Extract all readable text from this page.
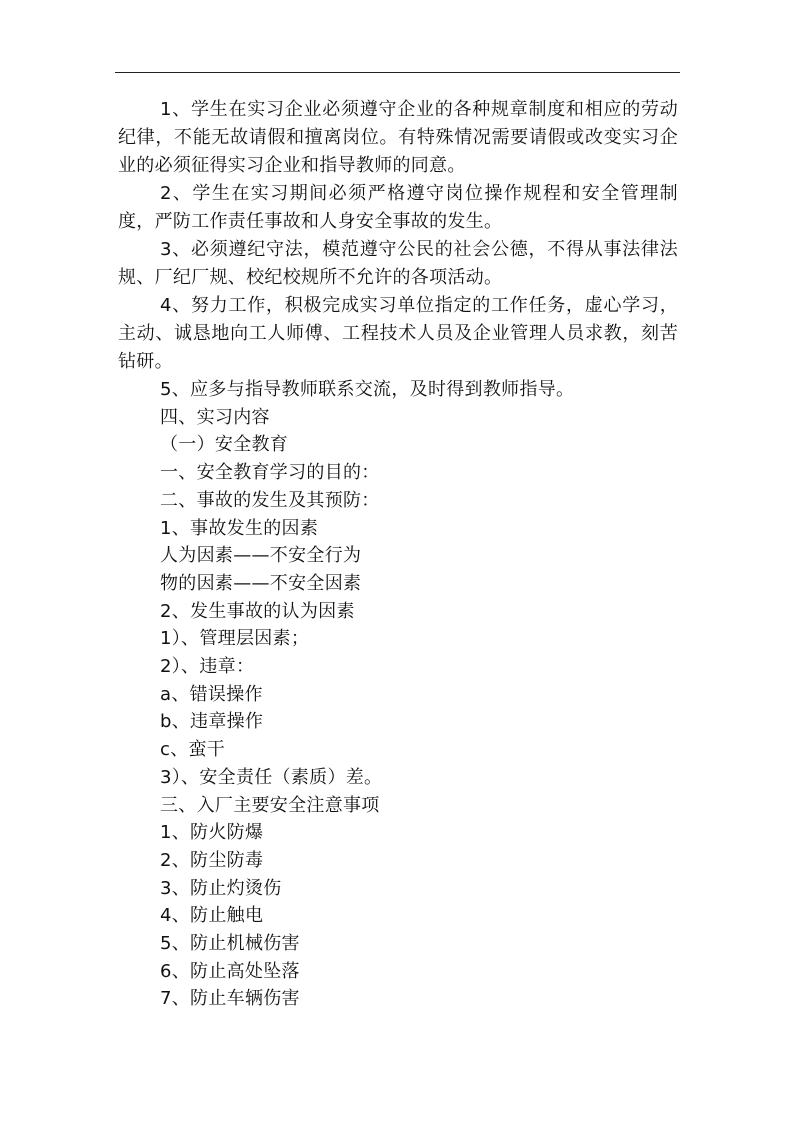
1、学生在实习企业必须遵守企业的各种规章制度和相应的劳动纪律，不能无故请假和擅离岗位。有特殊情况需要请假或改变实习企业的必须征得实习企业和指导教师的同意。

2、学生在实习期间必须严格遵守岗位操作规程和安全管理制度，严防工作责任事故和人身安全事故的发生。

3、必须遵纪守法，模范遵守公民的社会公德，不得从事法律法规、厂纪厂规、校纪校规所不允许的各项活动。

4、努力工作，积极完成实习单位指定的工作任务，虚心学习，主动、诚恳地向工人师傅、工程技术人员及企业管理人员求教，刻苦钻研。

5、应多与指导教师联系交流，及时得到教师指导。

四、实习内容

（一）安全教育

一、安全教育学习的目的：

二、事故的发生及其预防：

1、事故发生的因素

人为因素——不安全行为

物的因素——不安全因素

2、发生事故的认为因素

1）、管理层因素；

2）、违章：

a、错误操作

b、违章操作

c、蛮干

3）、安全责任（素质）差。

三、入厂主要安全注意事项

1、防火防爆

2、防尘防毒

3、防止灼烫伤

4、防止触电

5、防止机械伤害

6、防止高处坠落

7、防止车辆伤害
